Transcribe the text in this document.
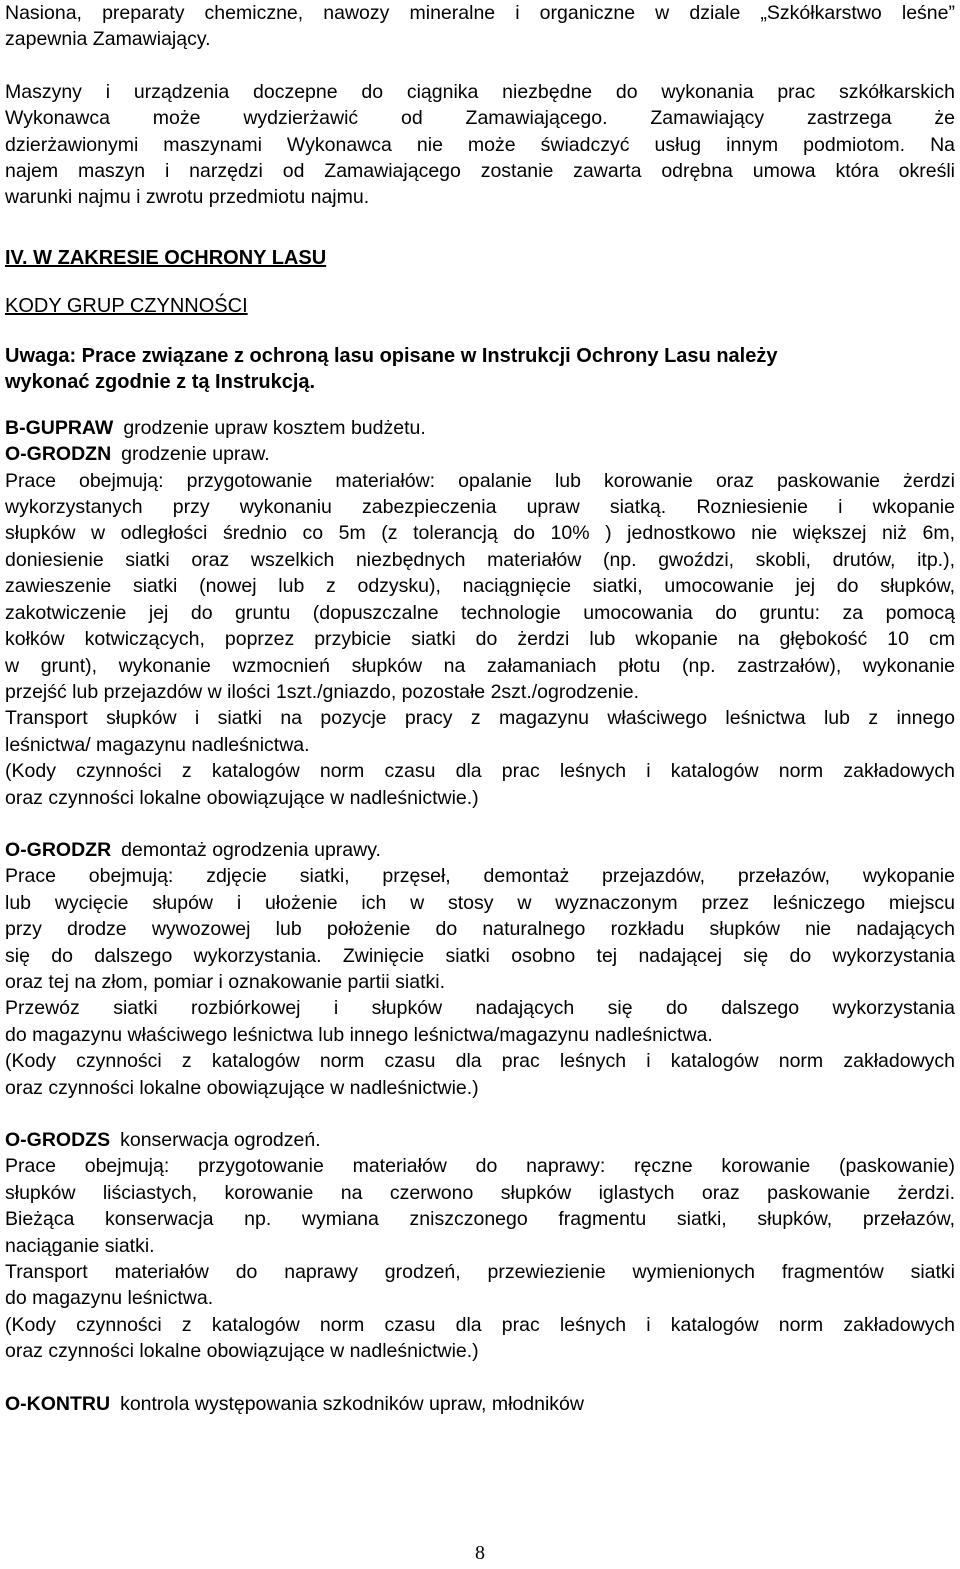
Nasiona, preparaty chemiczne, nawozy mineralne i organiczne w dziale „Szkółkarstwo leśne”
zapewnia Zamawiający.
Maszyny i urządzenia doczepne do ciągnika niezbędne do wykonania prac szkółkarskich
Wykonawca może wydzierżawić od Zamawiającego. Zamawiający zastrzega że
dzierżawionymi maszynami Wykonawca nie może świadczyć usług innym podmiotom. Na
najem maszyn i narzędzi od Zamawiającego zostanie zawarta odrębna umowa która określi
warunki najmu i zwrotu przedmiotu najmu.
IV. W ZAKRESIE OCHRONY LASU
KODY GRUP CZYNNOŚCI
Uwaga: Prace związane z ochroną lasu opisane w Instrukcji Ochrony Lasu należy
wykonać zgodnie z tą Instrukcją.
B-GUPRAW grodzenie upraw kosztem budżetu.
O-GRODZN grodzenie upraw.
Prace obejmują: przygotowanie materiałów: opalanie lub korowanie oraz paskowanie żerdzi
wykorzystanych przy wykonaniu zabezpieczenia upraw siatką. Rozniesienie i wkopanie
słupków w odległości średnio co 5m (z tolerancją do 10% ) jednostkowo nie większej niż 6m,
doniesienie siatki oraz wszelkich niezbędnych materiałów (np. gwoździ, skobli, drutów, itp.),
zawieszenie siatki (nowej lub z odzysku), naciągnięcie siatki, umocowanie jej do słupków,
zakotwiczenie jej do gruntu (dopuszczalne technologie umocowania do gruntu: za pomocą
kołków kotwiczących, poprzez przybicie siatki do żerdzi lub wkopanie na głębokość 10 cm
w grunt), wykonanie wzmocnień słupków na załamaniach płotu (np. zastrzałów), wykonanie
przejść lub przejazdów w ilości 1szt./gniazdo, pozostałe 2szt./ogrodzenie.
Transport słupków i siatki na pozycje pracy z magazynu właściwego leśnictwa lub z innego
leśnictwa/ magazynu nadleśnictwa.
(Kody czynności z katalogów norm czasu dla prac leśnych i katalogów norm zakładowych
oraz czynności lokalne obowiązujące w nadleśnictwie.)
O-GRODZR demontaż ogrodzenia uprawy.
Prace obejmują: zdjęcie siatki, przęseł, demontaż przejazdów, przełazów, wykopanie
lub wycięcie słupów i ułożenie ich w stosy w wyznaczonym przez leśniczego miejscu
przy drodze wywozowej lub położenie do naturalnego rozkładu słupków nie nadających
się do dalszego wykorzystania. Zwinięcie siatki osobno tej nadającej się do wykorzystania
oraz tej na złom, pomiar i oznakowanie partii siatki.
Przewóz siatki rozbiórkowej i słupków nadających się do dalszego wykorzystania
do magazynu właściwego leśnictwa lub innego leśnictwa/magazynu nadleśnictwa.
(Kody czynności z katalogów norm czasu dla prac leśnych i katalogów norm zakładowych
oraz czynności lokalne obowiązujące w nadleśnictwie.)
O-GRODZS konserwacja ogrodzeń.
Prace obejmują: przygotowanie materiałów do naprawy: ręczne korowanie (paskowanie)
słupków liściastych, korowanie na czerwono słupków iglastych oraz paskowanie żerdzi.
Bieżąca konserwacja np. wymiana zniszczonego fragmentu siatki, słupków, przełazów,
naciąganie siatki.
Transport materiałów do naprawy grodzeń, przewiezienie wymienionych fragmentów siatki
do magazynu leśnictwa.
(Kody czynności z katalogów norm czasu dla prac leśnych i katalogów norm zakładowych
oraz czynności lokalne obowiązujące w nadleśnictwie.)
O-KONTRU kontrola występowania szkodników upraw, młodników
8
